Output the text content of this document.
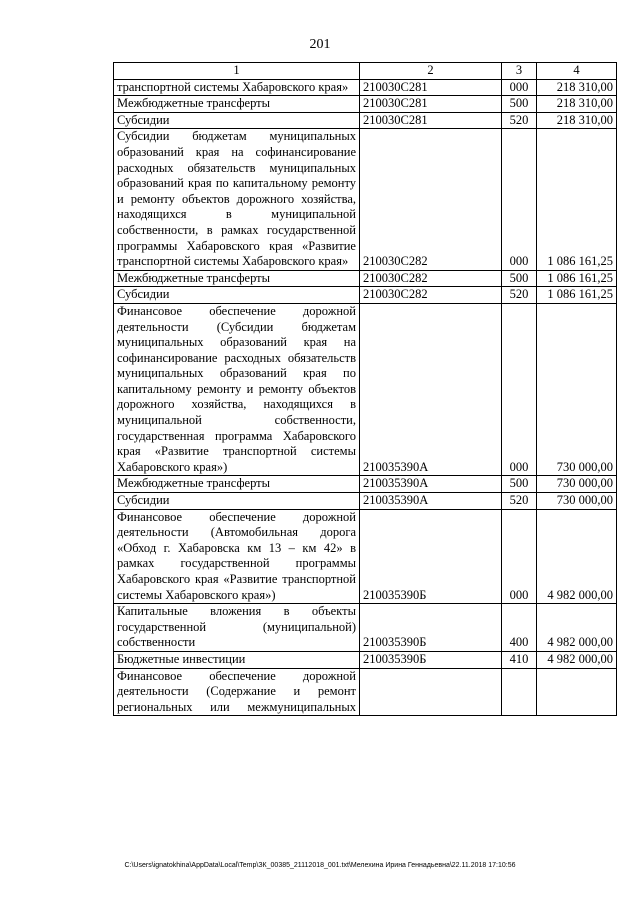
201
1	2	3	4
транспортной системы Хабаровского края»	210030С281	000	218 310,00
Межбюджетные трансферты	210030С281	500	218 310,00
Субсидии	210030С281	520	218 310,00
Субсидии бюджетам муниципальных образований края на софинансирование расходных обязательств муниципальных образований края по капитальному ремонту и ремонту объектов дорожного хозяйства, находящихся в муниципальной собственности, в рамках государственной программы Хабаровского края «Развитие транспортной системы Хабаровского края»	210030С282	000	1 086 161,25
Межбюджетные трансферты	210030С282	500	1 086 161,25
Субсидии	210030С282	520	1 086 161,25
Финансовое обеспечение дорожной деятельности (Субсидии бюджетам муниципальных образований края на софинансирование расходных обязательств муниципальных образований края по капитальному ремонту и ремонту объектов дорожного хозяйства, находящихся в муниципальной собственности, государственная программа Хабаровского края «Развитие транспортной системы Хабаровского края»)	210035390А	000	730 000,00
Межбюджетные трансферты	210035390А	500	730 000,00
Субсидии	210035390А	520	730 000,00
Финансовое обеспечение дорожной деятельности (Автомобильная дорога «Обход г. Хабаровска км 13 – км 42» в рамках государственной программы Хабаровского края «Развитие транспортной системы Хабаровского края»)	210035390Б	000	4 982 000,00
Капитальные вложения в объекты государственной (муниципальной) собственности	210035390Б	400	4 982 000,00
Бюджетные инвестиции	210035390Б	410	4 982 000,00
Финансовое обеспечение дорожной деятельности (Содержание и ремонт региональных или межмуниципальных			
C:\Users\ignatokhina\AppData\Local\Temp\ЗК_00385_21112018_001.txt\Мелехина Ирина Геннадьевна\22.11.2018 17:10:56
